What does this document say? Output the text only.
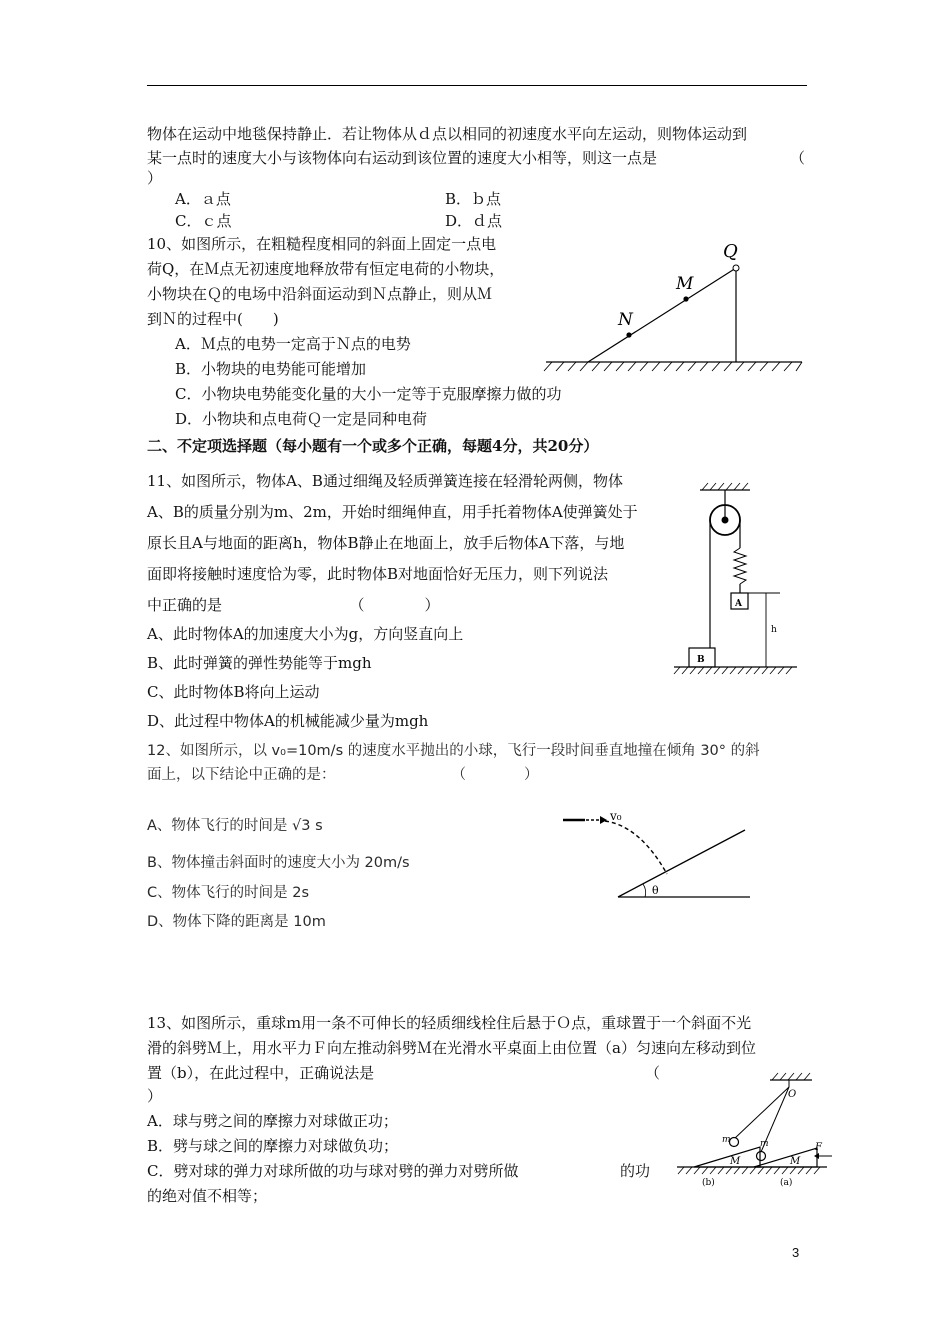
物体在运动中地毯保持静止．若让物体从ｄ点以相同的初速度水平向左运动，则物体运动到
某一点时的速度大小与该物体向右运动到该位置的速度大小相等，则这一点是	（
）
A．ａ点	B．ｂ点
C．ｃ点	D．ｄ点
10、如图所示，在粗糙程度相同的斜面上固定一点电
荷Q，在Ｍ点无初速度地释放带有恒定电荷的小物块，
小物块在Ｑ的电场中沿斜面运动到Ｎ点静止，则从Ｍ
到Ｎ的过程中(　　)
A．Ｍ点的电势一定高于Ｎ点的电势
B．小物块的电势能可能增加
C．小物块电势能变化量的大小一定等于克服摩擦力做的功
D．小物块和点电荷Ｑ一定是同种电荷
Q
M
N
二、不定项选择题（每小题有一个或多个正确，每题4分，共20分）
11、如图所示，物体A、B通过细绳及轻质弹簧连接在轻滑轮两侧，物体
A、B的质量分别为m、2m，开始时细绳伸直，用手托着物体A使弹簧处于
原长且A与地面的距离h，物体B静止在地面上，放手后物体A下落，与地
面即将接触时速度恰为零，此时物体B对地面恰好无压力，则下列说法
中正确的是　　　　　　　　　（　　　　）
A、此时物体A的加速度大小为g，方向竖直向上
B、此时弹簧的弹性势能等于mgh
C、此时物体B将向上运动
D、此过程中物体A的机械能减少量为mgh
A
B
h
12、如图所示，以 v₀=10m/s 的速度水平抛出的小球，飞行一段时间垂直地撞在倾角 30° 的斜
面上，以下结论中正确的是：　　　　　　　　　（　　　　）
A、物体飞行的时间是 √3 s
B、物体撞击斜面时的速度大小为 20m/s
C、物体飞行的时间是 2s
D、物体下降的距离是 10m
v₀
θ
13、如图所示，重球ｍ用一条不可伸长的轻质细线栓住后悬于Ｏ点，重球置于一个斜面不光
滑的斜劈Ｍ上，用水平力Ｆ向左推动斜劈Ｍ在光滑水平桌面上由位置（a）匀速向左移动到位
置（b），在此过程中，正确说法是	（
）
A．球与劈之间的摩擦力对球做正功；
B．劈与球之间的摩擦力对球做负功；
C．劈对球的弹力对球所做的功与球对劈的弹力对劈所做	的功
的绝对值不相等；
O
m	m
M	M
F
(b)	(a)
3
